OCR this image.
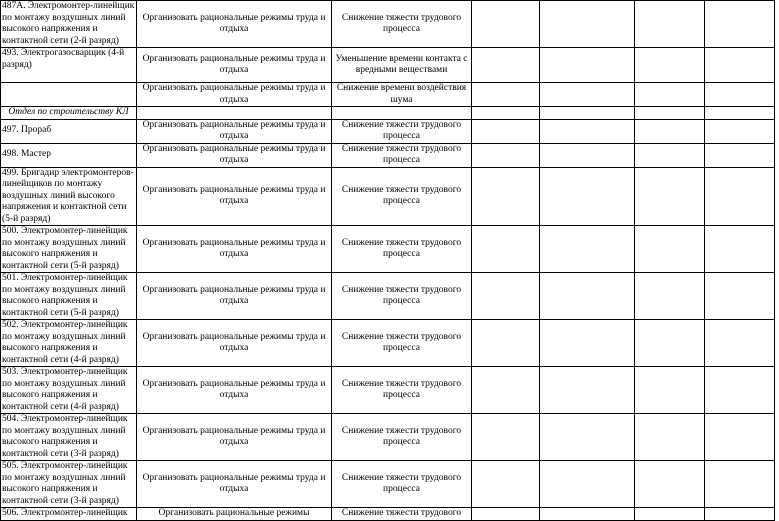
487А. Электромонтер-линейщик по монтажу воздушных линий высокого напряжения и контактной сети (2-й разряд)	Организовать рациональные режимы труда и отдыха	Снижение тяжести трудового процесса				
493. Электрогазосварщик (4-й разряд)	Организовать рациональные режимы труда и отдыха	Уменьшение времени контакта с вредными веществами				
	Организовать рациональные режимы труда и отдыха	Снижение времени воздействия шума				
Отдел по строительству КЛ						
497. Прораб	Организовать рациональные режимы труда и отдыха	Снижение тяжести трудового процесса				
498. Мастер	Организовать рациональные режимы труда и отдыха	Снижение тяжести трудового процесса				
499. Бригадир электромонтеров-линейщиков по монтажу воздушных линий высокого напряжения и контактной сети (5-й разряд)	Организовать рациональные режимы труда и отдыха	Снижение тяжести трудового процесса				
500. Электромонтер-линейщик по монтажу воздушных линий высокого напряжения и контактной сети (5-й разряд)	Организовать рациональные режимы труда и отдыха	Снижение тяжести трудового процесса				
501. Электромонтер-линейщик по монтажу воздушных линий высокого напряжения и контактной сети (5-й разряд)	Организовать рациональные режимы труда и отдыха	Снижение тяжести трудового процесса				
502. Электромонтер-линейщик по монтажу воздушных линий высокого напряжения и контактной сети (4-й разряд)	Организовать рациональные режимы труда и отдыха	Снижение тяжести трудового процесса				
503. Электромонтер-линейщик по монтажу воздушных линий высокого напряжения и контактной сети (4-й разряд)	Организовать рациональные режимы труда и отдыха	Снижение тяжести трудового процесса				
504. Электромонтер-линейщик по монтажу воздушных линий высокого напряжения и контактной сети (3-й разряд)	Организовать рациональные режимы труда и отдыха	Снижение тяжести трудового процесса				
505. Электромонтер-линейщик по монтажу воздушных линий высокого напряжения и контактной сети (3-й разряд)	Организовать рациональные режимы труда и отдыха	Снижение тяжести трудового процесса				
506. Электромонтер-линейщик	Организовать рациональные режимы	Снижение тяжести трудового				
